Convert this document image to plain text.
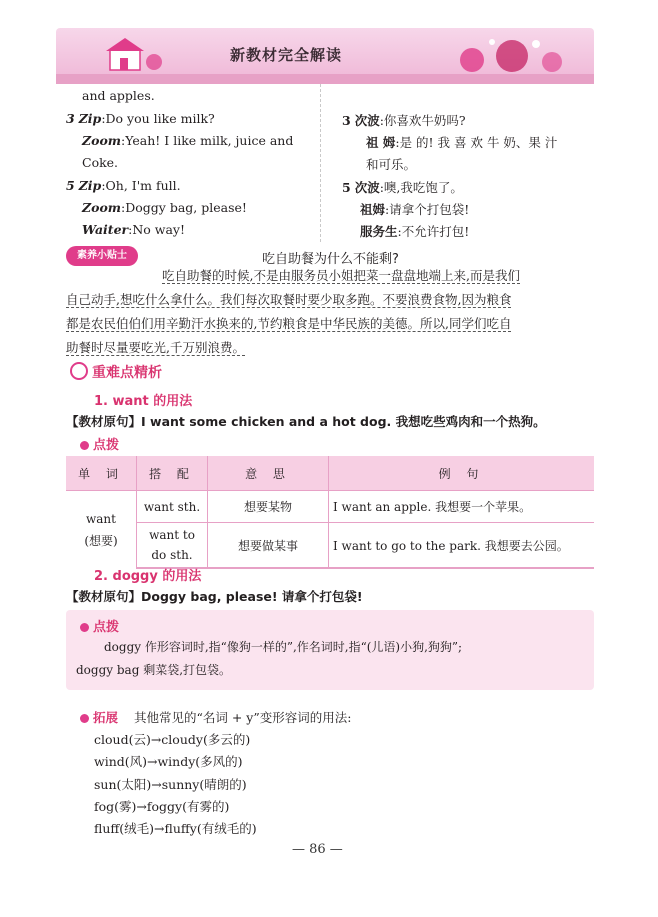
新教材完全解读
and apples.
3 Zip:Do you like milk?
Zoom:Yeah! I like milk, juice and
Coke.
5 Zip:Oh, I'm full.
Zoom:Doggy bag, please!
Waiter:No way!
3 次波:你喜欢牛奶吗?
祖 姆:是 的! 我 喜 欢 牛 奶、果 汁
和可乐。
5 次波:噢,我吃饱了。
祖姆:请拿个打包袋!
服务生:不允许打包!
素养小贴士	吃自助餐为什么不能剩?
吃自助餐的时候,不是由服务员小姐把菜一盘盘地端上来,而是我们
自己动手,想吃什么拿什么。我们每次取餐时要少取多跑。不要浪费食物,因为粮食
都是农民伯伯们用辛勤汗水换来的,节约粮食是中华民族的美德。所以,同学们吃自
助餐时尽量要吃光,千万别浪费。
重难点精析
1. want 的用法
【教材原句】I want some chicken and a hot dog. 我想吃些鸡肉和一个热狗。
点拨
单 词	搭 配	意 思	例 句

want
(想要)	want sth.	想要某物	I want an apple. 我想要一个苹果。

	want to
do sth.	想要做某事	I want to go to the park. 我想要去公园。
2. doggy 的用法
【教材原句】Doggy bag, please! 请拿个打包袋!
点拨
doggy 作形容词时,指“像狗一样的”,作名词时,指“(儿语)小狗,狗狗”;
doggy bag 剩菜袋,打包袋。
拓展 其他常见的“名词 + y”变形容词的用法:
cloud(云)→cloudy(多云的)
wind(风)→windy(多风的)
sun(太阳)→sunny(晴朗的)
fog(雾)→foggy(有雾的)
fluff(绒毛)→fluffy(有绒毛的)
— 86 —
